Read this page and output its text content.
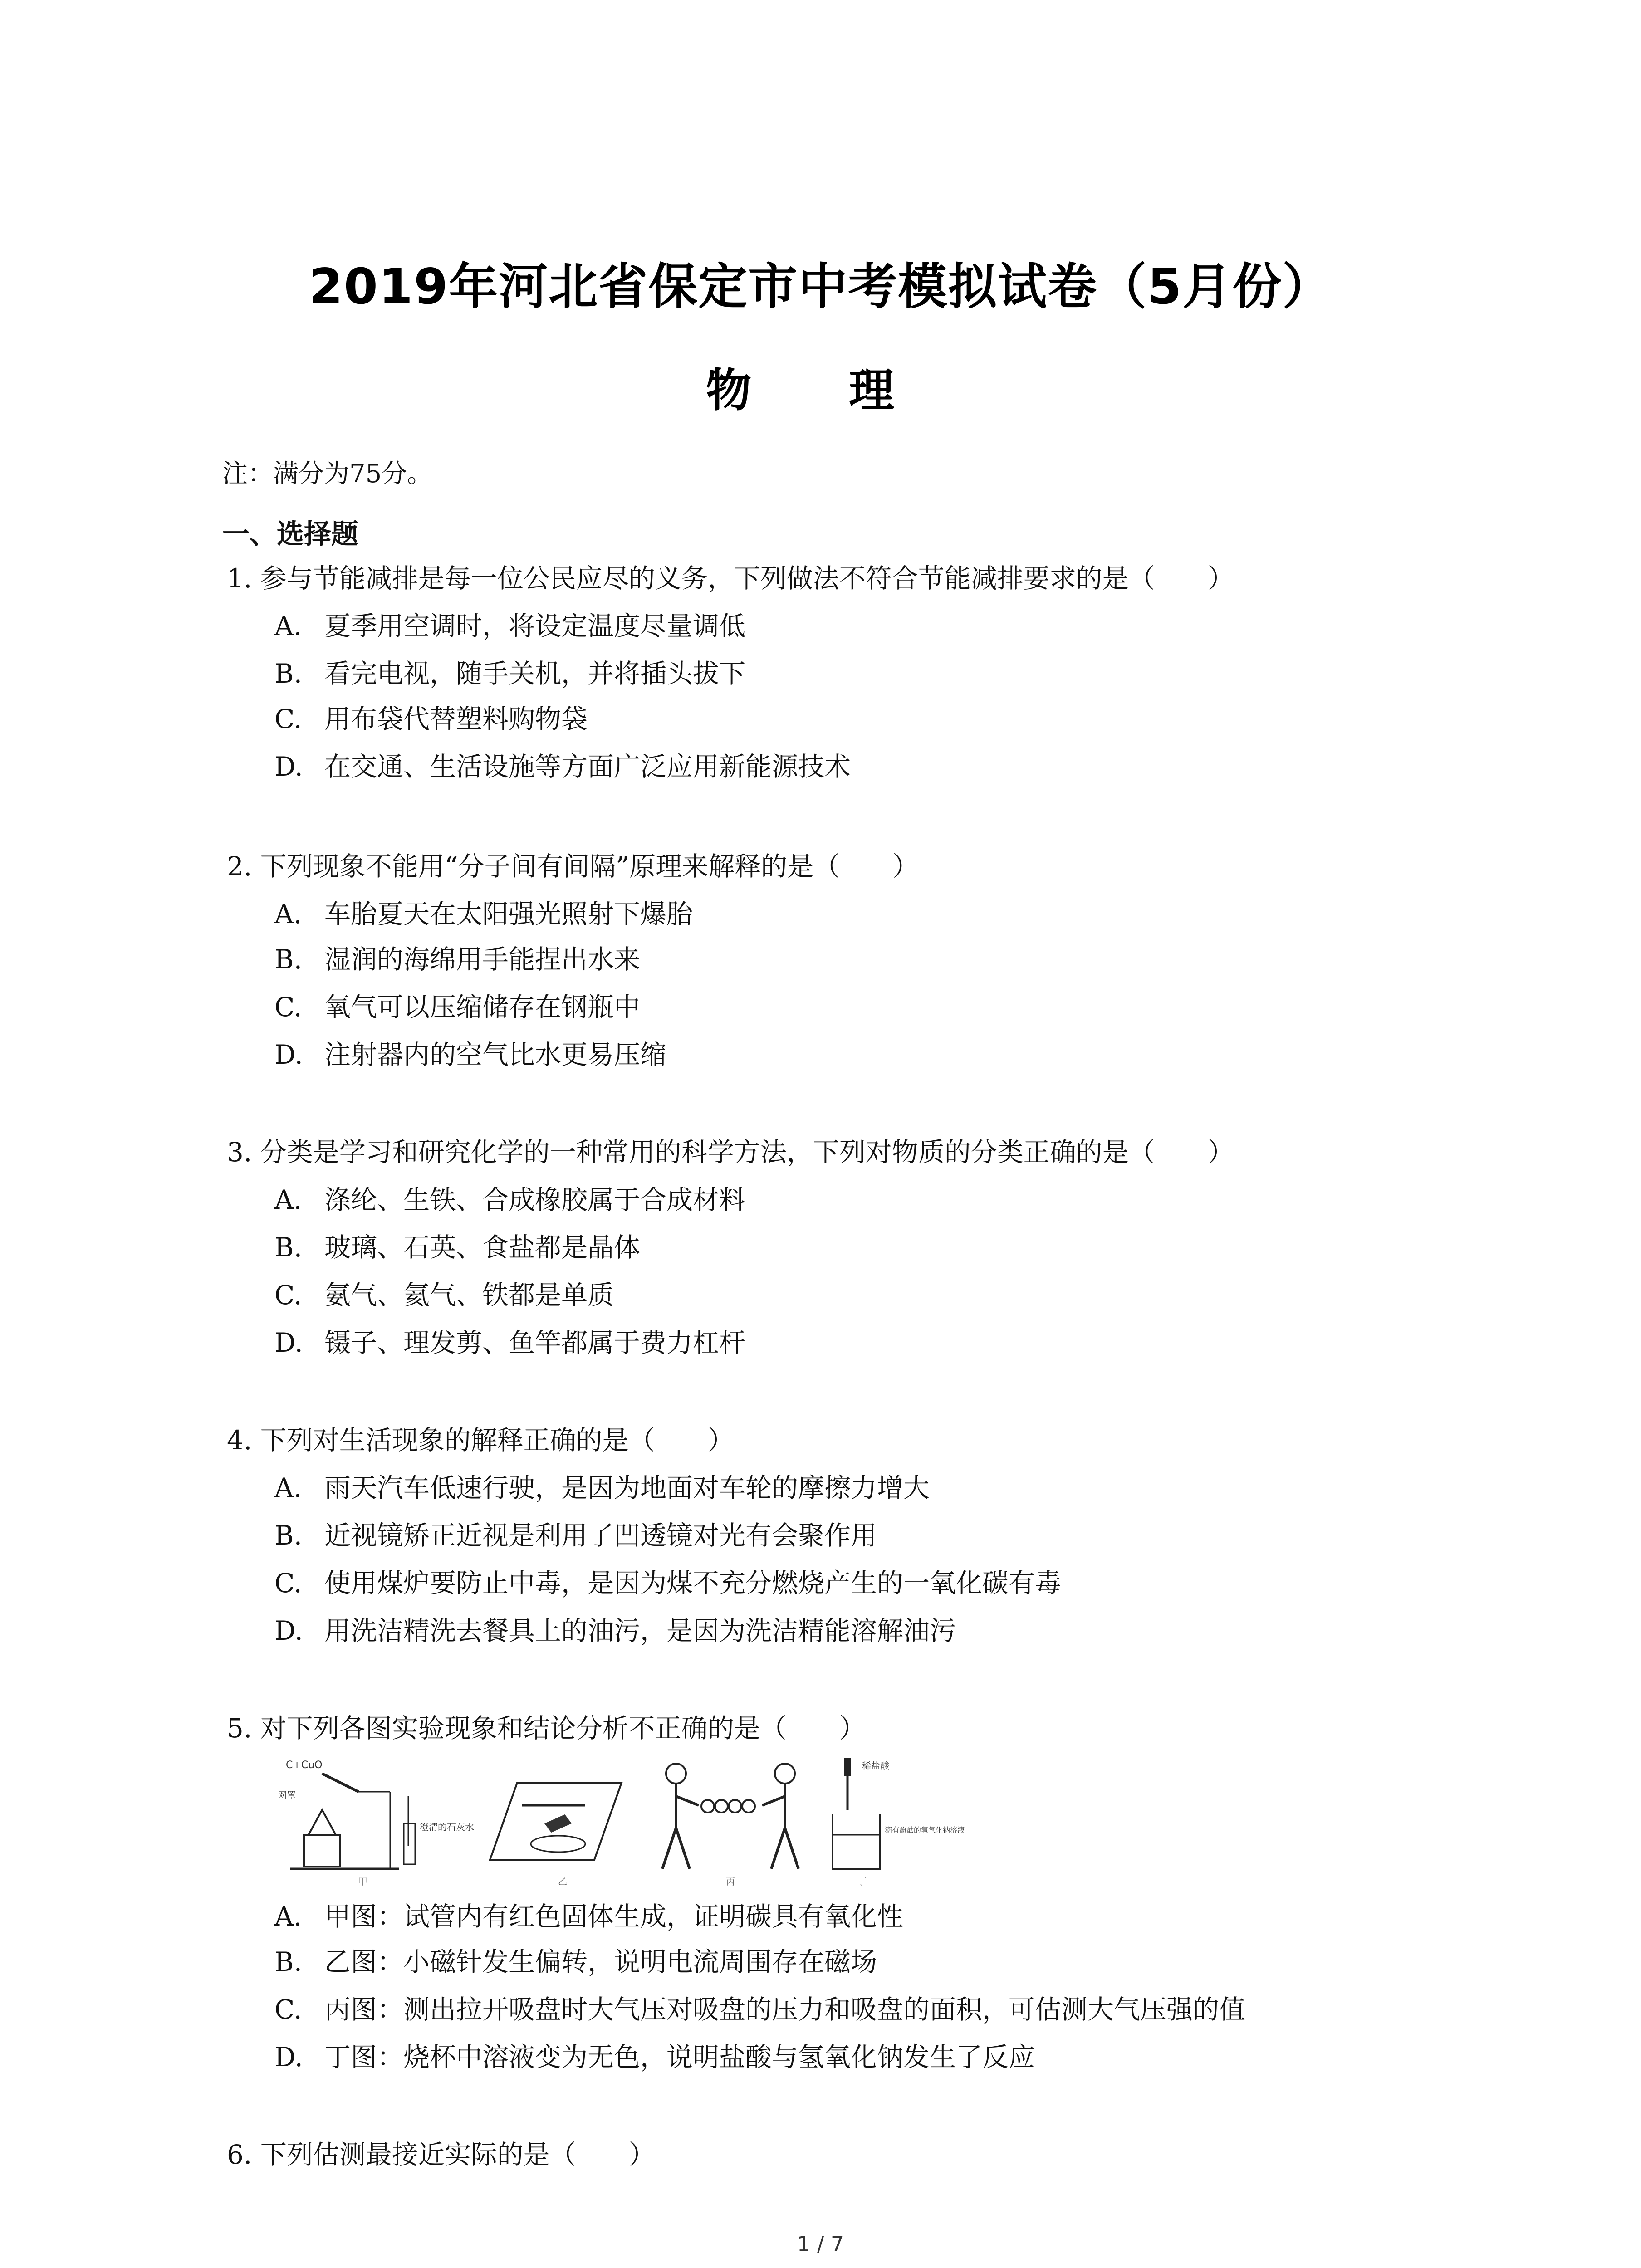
2019年河北省保定市中考模拟试卷（5月份）
物 理
注：满分为75分。
一、选择题
1. 参与节能减排是每一位公民应尽的义务，下列做法不符合节能减排要求的是（　　）
A. 夏季用空调时，将设定温度尽量调低
B. 看完电视，随手关机，并将插头拔下
C. 用布袋代替塑料购物袋
D. 在交通、生活设施等方面广泛应用新能源技术
2. 下列现象不能用“分子间有间隔”原理来解释的是（　　）
A. 车胎夏天在太阳强光照射下爆胎
B. 湿润的海绵用手能捏出水来
C. 氧气可以压缩储存在钢瓶中
D. 注射器内的空气比水更易压缩
3. 分类是学习和研究化学的一种常用的科学方法，下列对物质的分类正确的是（　　）
A. 涤纶、生铁、合成橡胶属于合成材料
B. 玻璃、石英、食盐都是晶体
C. 氨气、氦气、铁都是单质
D. 镊子、理发剪、鱼竿都属于费力杠杆
4. 下列对生活现象的解释正确的是（　　）
A. 雨天汽车低速行驶，是因为地面对车轮的摩擦力增大
B. 近视镜矫正近视是利用了凹透镜对光有会聚作用
C. 使用煤炉要防止中毒，是因为煤不充分燃烧产生的一氧化碳有毒
D. 用洗洁精洗去餐具上的油污，是因为洗洁精能溶解油污
5. 对下列各图实验现象和结论分析不正确的是（　　）
C+CuO
网罩
澄清的石灰水
甲	乙	丙
稀盐酸
滴有酚酞的氢氧化钠溶液
丁
A. 甲图：试管内有红色固体生成，证明碳具有氧化性
B. 乙图：小磁针发生偏转，说明电流周围存在磁场
C. 丙图：测出拉开吸盘时大气压对吸盘的压力和吸盘的面积，可估测大气压强的值
D. 丁图：烧杯中溶液变为无色，说明盐酸与氢氧化钠发生了反应
6. 下列估测最接近实际的是（　　）
1 / 7
